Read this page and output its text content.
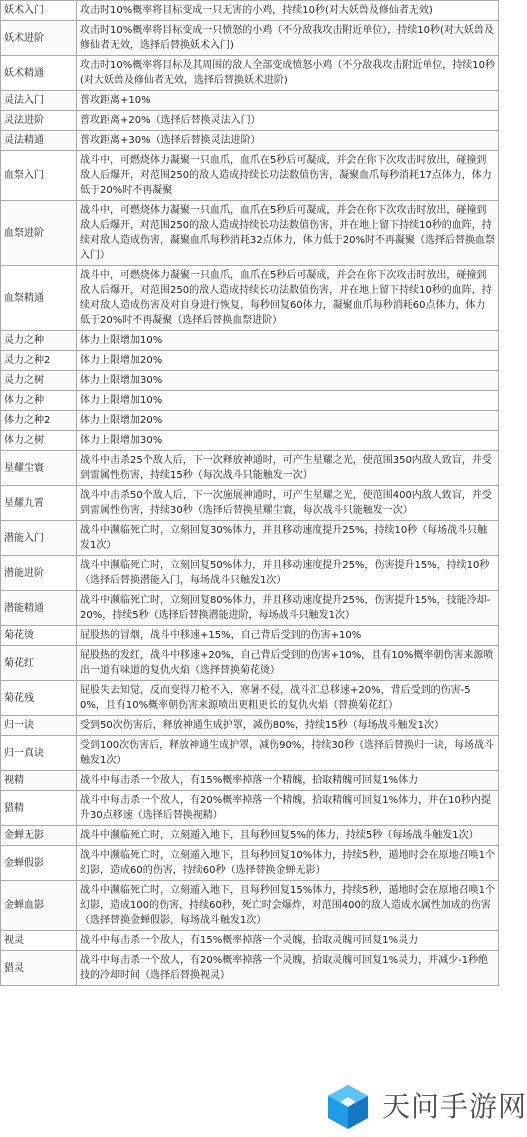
妖术入门	攻击时10%概率将目标变成一只无害的小鸡，持续10秒(对大妖兽及修仙者无效)
妖术进阶	攻击时10%概率将目标变成一只愤怒的小鸡（不分敌我攻击附近单位），持续10秒(对大妖兽及修仙者无效，选择后替换妖术入门)
妖术精通	攻击时10%概率将目标及其周围的敌人全部变成愤怒小鸡（不分敌我攻击附近单位，持续10秒(对大妖兽及修仙者无效，选择后替换妖术进阶)
灵法入门	普攻距离+10%
灵法进阶	普攻距离+20%（选择后替换灵法入门）
灵法精通	普攻距离+30%（选择后替换灵法进阶）
血祭入门	战斗中，可燃烧体力凝聚一只血爪，血爪在5秒后可凝成，并会在你下次攻击时放出，碰撞到敌人后爆开，对范围250的敌人造成持续长功法数值伤害，凝聚血爪每秒消耗17点体力，体力低于20%时不再凝聚
血祭进阶	战斗中，可燃烧体力凝聚一只血爪，血爪在5秒后可凝成，并会在你下次攻击时放出，碰撞到敌人后爆开，对范围250的敌人造成持续长功法数值伤害，并在地上留下持续10秒的血阵，持续对敌人造成伤害，凝聚血爪每秒消耗32点体力，体力低于20%时不再凝聚（选择后替换血祭入门）
血祭精通	战斗中，可燃烧体力凝聚一只血爪，血爪在5秒后可凝成，并会在你下次攻击时放出，碰撞到敌人后爆开，对范围250的敌人造成持续长功法数值伤害，并在地上留下持续10秒的血阵，持续对敌人造成伤害及对自身进行恢复，每秒回复60体力，凝聚血爪每秒消耗60点体力，体力低于20%时不再凝聚（选择后替换血祭进阶）
灵力之种	体力上限增加10%
灵力之种2	体力上限增加20%
灵力之树	体力上限增加30%
体力之种	体力上限增加10%
体力之种2	体力上限增加20%
体力之树	体力上限增加30%
星耀尘寰	战斗中击杀25个敌人后，下一次释放神通时，可产生星耀之光，使范围350内敌人致盲，并受到雷属性伤害，持续15秒（每次战斗只能触发一次）
星耀九霄	战斗中击杀50个敌人后，下一次施展神通时，可产生星耀之光，使范围400内敌人致盲，并受到雷属性伤害，持续30秒（选择后替换星耀尘寰，每次战斗只能触发一次）
潜能入门	战斗中濒临死亡时，立刻回复30%体力，并且移动速度提升25%，持续10秒（每场战斗只触发1次）
潜能进阶	战斗中濒临死亡时，立刻回复50%体力，并且移动速度提升25%，伤害提升15%，持续10秒（选择后替换潜能入门，每场战斗只触发1次）
潜能精通	战斗中濒临死亡时，立刻回复80%体力，并且移动速度提升25%，伤害提升15%，技能冷却-20%，持续5秒（选择后替换潜能进阶，每场战斗只触发1次）
菊花烫	屁股热的冒烟，战斗中移速+15%，自己背后受到的伤害+10%
菊花红	屁股热的发红，战斗中移速+20%，自己背后受到的伤害+10%，且有10%概率朝伤害来源喷出一道有味道的复仇火焰（选择替换菊花烫）
菊花残	屁股失去知觉，反而变得刀枪不入，寒暑不侵，战斗汇总移速+20%，背后受到的伤害-50%，且有10%概率朝伤害来源喷出更粗更长的复仇火焰（替换菊花红）
归一诀	受到50次伤害后，释放神通生成护罩，减伤80%，持续15秒（每场战斗触发1次）
归一真诀	受到100次伤害后，释放神通生成护罩，减伤90%，持续30秒（选择后替换归一诀，每场战斗触发1次）
视精	战斗中每击杀一个敌人，有15%概率掉落一个精魄，拾取精魄可回复1%体力
猎精	战斗中每击杀一个敌人，有20%概率掉落一个精魄，拾取精魄可回复1%体力，并在10秒内提升30点移速（选择后替换视精）
金蝉无影	战斗中濒临死亡时，立刻遁入地下，且每秒回复5%的体力，持续5秒（每场战斗触发1次）
金蝉假影	战斗中濒临死亡时，立刻遁入地下，且每秒回复10%体力，持续5秒，遁地时会在原地召唤1个幻影，造成60的伤害，持续60秒（选择替换金蝉无影）
金蝉血影	战斗中濒临死亡时，立刻遁入地下，且每秒回复15%体力，持续5秒，遁地时会在原地召唤1个幻影，造成100的伤害，持续60秒，死亡时会爆炸，对范围400的敌人造成水属性加成的伤害（选择替换金蝉假影，每场战斗触发1次）
视灵	战斗中每击杀一个敌人，有15%概率掉落一个灵魄，拾取灵魄可回复1%灵力
猎灵	战斗中每击杀一个敌人，有20%概率掉落一个灵魄，拾取灵魄可回复1%灵力，并减少-1秒绝技的冷却时间（选择后替换视灵）
天问手游网
